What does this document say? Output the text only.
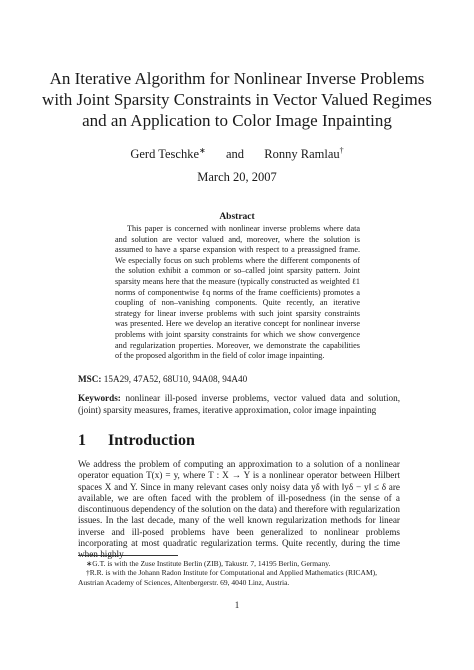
An Iterative Algorithm for Nonlinear Inverse Problems with Joint Sparsity Constraints in Vector Valued Regimes and an Application to Color Image Inpainting
Gerd Teschke∗ and Ronny Ramlau†
March 20, 2007
Abstract

This paper is concerned with nonlinear inverse problems where data and solution are vector valued and, moreover, where the solution is assumed to have a sparse expansion with respect to a preassigned frame. We especially focus on such problems where the different components of the solution exhibit a common or so–called joint sparsity pattern. Joint sparsity means here that the measure (typically constructed as weighted ℓ1 norms of componentwise ℓq norms of the frame coefficients) promotes a coupling of non–vanishing components. Quite recently, an iterative strategy for linear inverse problems with such joint sparsity constraints was presented. Here we develop an iterative concept for nonlinear inverse problems with joint sparsity constraints for which we show convergence and regularization properties. Moreover, we demonstrate the capabilities of the proposed algorithm in the field of color image inpainting.

MSC: 15A29, 47A52, 68U10, 94A08, 94A40
Keywords: nonlinear ill-posed inverse problems, vector valued data and solution, (joint) sparsity measures, frames, iterative approximation, color image inpainting
1 Introduction

We address the problem of computing an approximation to a solution of a nonlinear operator equation T(x) = y, where T : X → Y is a nonlinear operator between Hilbert spaces X and Y. Since in many relevant cases only noisy data yδ with ‖yδ − y‖ ≤ δ are available, we are often faced with the problem of ill-posedness (in the sense of a discontinuous dependency of the solution on the data) and therefore with regularization issues. In the last decade, many of the well known regularization methods for linear inverse and ill-posed problems have been generalized to nonlinear problems incorporating at most quadratic regularization terms. Quite recently, during the time when highly

∗G.T. is with the Zuse Institute Berlin (ZIB), Takustr. 7, 14195 Berlin, Germany.

†R.R. is with the Johann Radon Institute for Computational and Applied Mathematics (RICAM), Austrian Academy of Sciences, Altenbergerstr. 69, 4040 Linz, Austria.

1
